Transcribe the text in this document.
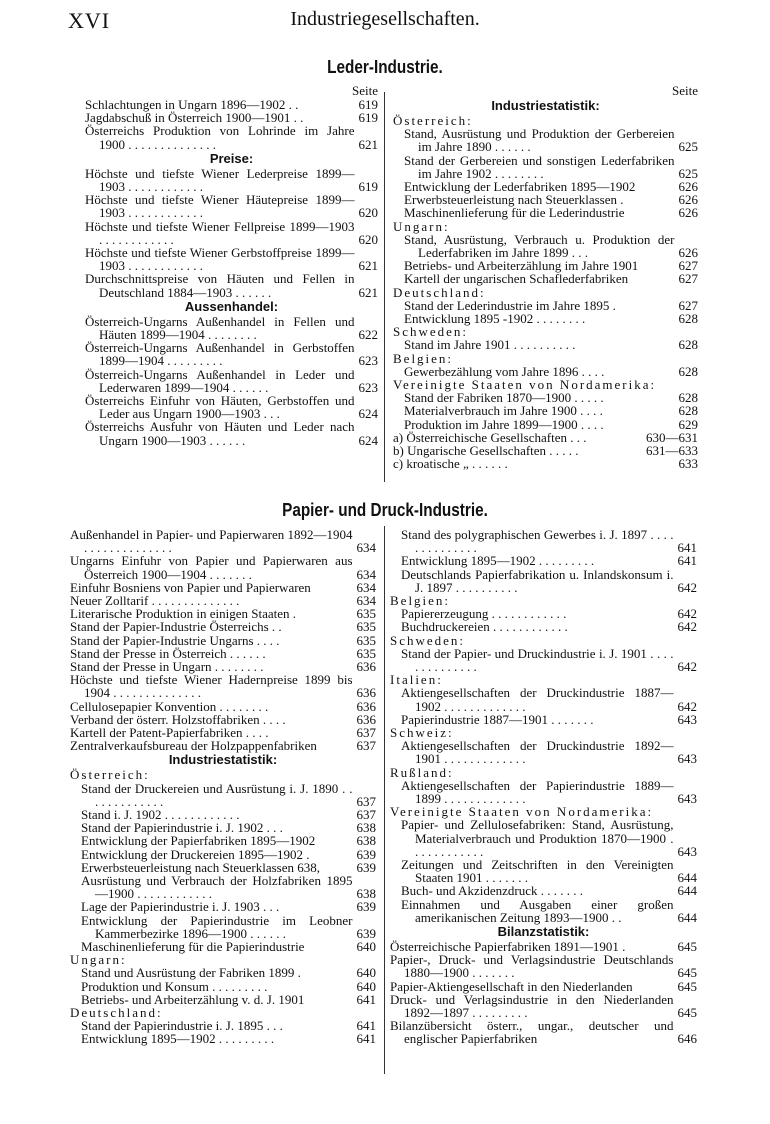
XVI	Industriegesellschaften.
Leder-Industrie.
Seite
Schlachtungen in Ungarn 1896—1902 . .	619
Jagdabschuß in Österreich 1900—1901 . .	619
Österreichs Produktion von Lohrinde im Jahre 1900 . . . . . . . . . . . . . .	621
Preise:
Höchste und tiefste Wiener Lederpreise 1899—1903 . . . . . . . . . . . .	619
Höchste und tiefste Wiener Häutepreise 1899—1903 . . . . . . . . . . . .	620
Höchste und tiefste Wiener Fellpreise 1899—1903 . . . . . . . . . . . .	620
Höchste und tiefste Wiener Gerbstoffpreise 1899—1903 . . . . . . . . . . . .	621
Durchschnittspreise von Häuten und Fellen in Deutschland 1884—1903 . . . . . .	621
Aussenhandel:
Österreich-Ungarns Außenhandel in Fellen und Häuten 1899—1904 . . . . . . . .	622
Österreich-Ungarns Außenhandel in Gerbstoffen 1899—1904 . . . . . . . . .	623
Österreich-Ungarns Außenhandel in Leder und Lederwaren 1899—1904 . . . . . .	623
Österreichs Einfuhr von Häuten, Gerbstoffen und Leder aus Ungarn 1900—1903 . . .	624
Österreichs Ausfuhr von Häuten und Leder nach Ungarn 1900—1903 . . . . . .	624
Seite
Industriestatistik:
Österreich:
Stand, Ausrüstung und Produktion der Gerbereien im Jahre 1890 . . . . . .	625
Stand der Gerbereien und sonstigen Lederfabriken im Jahre 1902 . . . . . . . .	625
Entwicklung der Lederfabriken 1895—1902	626
Erwerbsteuerleistung nach Steuerklassen .	626
Maschinenlieferung für die Lederindustrie	626
Ungarn:
Stand, Ausrüstung, Verbrauch u. Produktion der Lederfabriken im Jahre 1899 . . .	626
Betriebs- und Arbeiterzählung im Jahre 1901	627
Kartell der ungarischen Schaflederfabriken	627
Deutschland:
Stand der Lederindustrie im Jahre 1895 .	627
Entwicklung 1895 -1902 . . . . . . . .	628
Schweden:
Stand im Jahre 1901 . . . . . . . . . .	628
Belgien:
Gewerbezählung vom Jahre 1896 . . . .	628
Vereinigte Staaten von Nordamerika:
Stand der Fabriken 1870—1900 . . . . .	628
Materialverbrauch im Jahre 1900 . . . .	628
Produktion im Jahre 1899—1900 . . . .	629
a) Österreichische Gesellschaften . . .	630—631
b) Ungarische Gesellschaften . . . . .	631—633
c) kroatische „ . . . . . .	633
Papier- und Druck-Industrie.
Außenhandel in Papier- und Papierwaren 1892—1904 . . . . . . . . . . . . . .	634
Ungarns Einfuhr von Papier und Papierwaren aus Österreich 1900—1904 . . . . . . .	634
Einfuhr Bosniens von Papier und Papierwaren	634
Neuer Zolltarif . . . . . . . . . . . . . .	634
Literarische Produktion in einigen Staaten .	635
Stand der Papier-Industrie Österreichs . .	635
Stand der Papier-Industrie Ungarns . . . .	635
Stand der Presse in Österreich . . . . . .	635
Stand der Presse in Ungarn . . . . . . . .	636
Höchste und tiefste Wiener Hadernpreise 1899 bis 1904 . . . . . . . . . . . . . .	636
Cellulosepapier Konvention . . . . . . . .	636
Verband der österr. Holzstoffabriken . . . .	636
Kartell der Patent-Papierfabriken . . . .	637
Zentralverkaufsbureau der Holzpappenfabriken	637
Industriestatistik:
Österreich:
Stand der Druckereien und Ausrüstung i. J. 1890 . . . . . . . . . . . . .	637
Stand i. J. 1902 . . . . . . . . . . . .	637
Stand der Papierindustrie i. J. 1902 . . .	638
Entwicklung der Papierfabriken 1895—1902	638
Entwicklung der Druckereien 1895—1902 .	639
Erwerbsteuerleistung nach Steuerklassen 638,	639
Ausrüstung und Verbrauch der Holzfabriken 1895—1900 . . . . . . . . . . . .	638
Lage der Papierindustrie i. J. 1903 . . .	639
Entwicklung der Papierindustrie im Leobner Kammerbezirke 1896—1900 . . . . . .	639
Maschinenlieferung für die Papierindustrie	640
Ungarn:
Stand und Ausrüstung der Fabriken 1899 .	640
Produktion und Konsum . . . . . . . . .	640
Betriebs- und Arbeiterzählung v. d. J. 1901	641
Deutschland:
Stand der Papierindustrie i. J. 1895 . . .	641
Entwicklung 1895—1902 . . . . . . . . .	641
Stand des polygraphischen Gewerbes i. J. 1897 . . . . . . . . . . . . . .	641
Entwicklung 1895—1902 . . . . . . . . .	641
Deutschlands Papierfabrikation u. Inlandskonsum i. J. 1897 . . . . . . . . . .	642
Belgien:
Papiererzeugung . . . . . . . . . . . .	642
Buchdruckereien . . . . . . . . . . . .	642
Schweden:
Stand der Papier- und Druckindustrie i. J. 1901 . . . . . . . . . . . . . .	642
Italien:
Aktiengesellschaften der Druckindustrie 1887—1902 . . . . . . . . . . . . .	642
Papierindustrie 1887—1901 . . . . . . .	643
Schweiz:
Aktiengesellschaften der Druckindustrie 1892—1901 . . . . . . . . . . . . .	643
Rußland:
Aktiengesellschaften der Papierindustrie 1889—1899 . . . . . . . . . . . . .	643
Vereinigte Staaten von Nordamerika:
Papier- und Zellulosefabriken: Stand, Ausrüstung, Materialverbrauch und Produktion 1870—1900 . . . . . . . . . . . .	643
Zeitungen und Zeitschriften in den Vereinigten Staaten 1901 . . . . . . .	644
Buch- und Akzidenzdruck . . . . . . .	644
Einnahmen und Ausgaben einer großen amerikanischen Zeitung 1893—1900 . .	644
Bilanzstatistik:
Österreichische Papierfabriken 1891—1901 .	645
Papier-, Druck- und Verlagsindustrie Deutschlands 1880—1900 . . . . . . .	645
Papier-Aktiengesellschaft in den Niederlanden	645
Druck- und Verlagsindustrie in den Niederlanden 1892—1897 . . . . . . . . .	645
Bilanzübersicht österr., ungar., deutscher und englischer Papierfabriken	646
